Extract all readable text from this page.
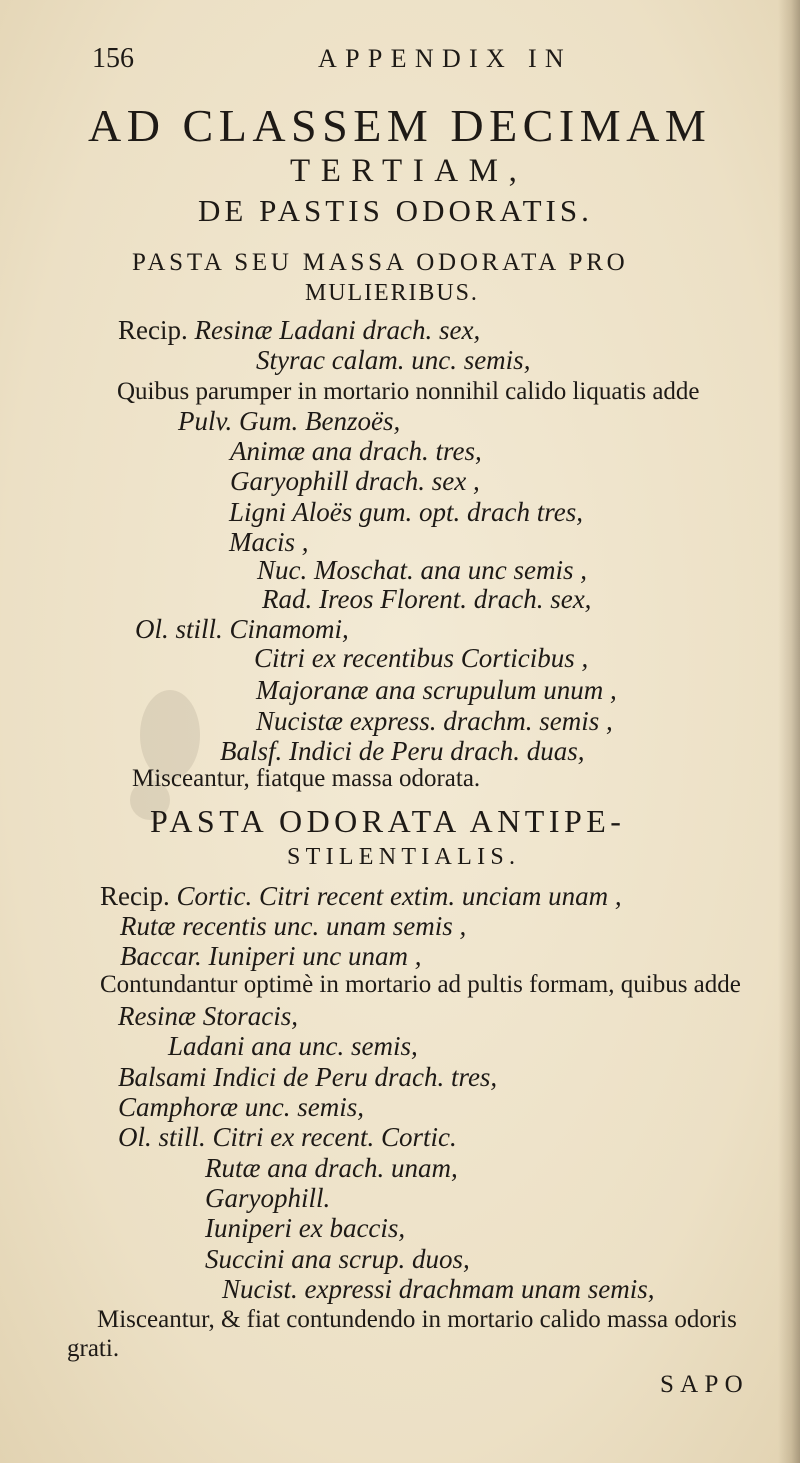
156	APPENDIX IN
AD CLASSEM DECIMAM
TERTIAM,
DE PASTIS ODORATIS.
PASTA SEU MASSA ODORATA PRO
MULIERIBUS.
Recip. Resinæ Ladani drach. sex,
Styrac calam. unc. semis,
Quibus parumper in mortario nonnihil calido liquatis adde
Pulv. Gum. Benzoës,
Animæ ana drach. tres,
Garyophill drach. sex ,
Ligni Aloës gum. opt. drach tres,
Macis ,
Nuc. Moschat. ana unc semis ,
Rad. Ireos Florent. drach. sex,
Ol. still. Cinamomi,
Citri ex recentibus Corticibus ,
Majoranæ ana scrupulum unum ,
Nucistæ express. drachm. semis ,
Balsf. Indici de Peru drach. duas,
Misceantur, fiatque massa odorata.
PASTA ODORATA ANTIPE-
STILENTIALIS.
Recip. Cortic. Citri recent extim. unciam unam ,
Rutæ recentis unc. unam semis ,
Baccar. Iuniperi unc unam ,
Contundantur optimè in mortario ad pultis formam, quibus adde
Resinæ Storacis,
Ladani ana unc. semis,
Balsami Indici de Peru drach. tres,
Camphoræ unc. semis,
Ol. still. Citri ex recent. Cortic.
Rutæ ana drach. unam,
Garyophill.
Iuniperi ex baccis,
Succini ana scrup. duos,
Nucist. expressi drachmam unam semis,
Misceantur, & fiat contundendo in mortario calido massa odoris
grati.
SAPO
